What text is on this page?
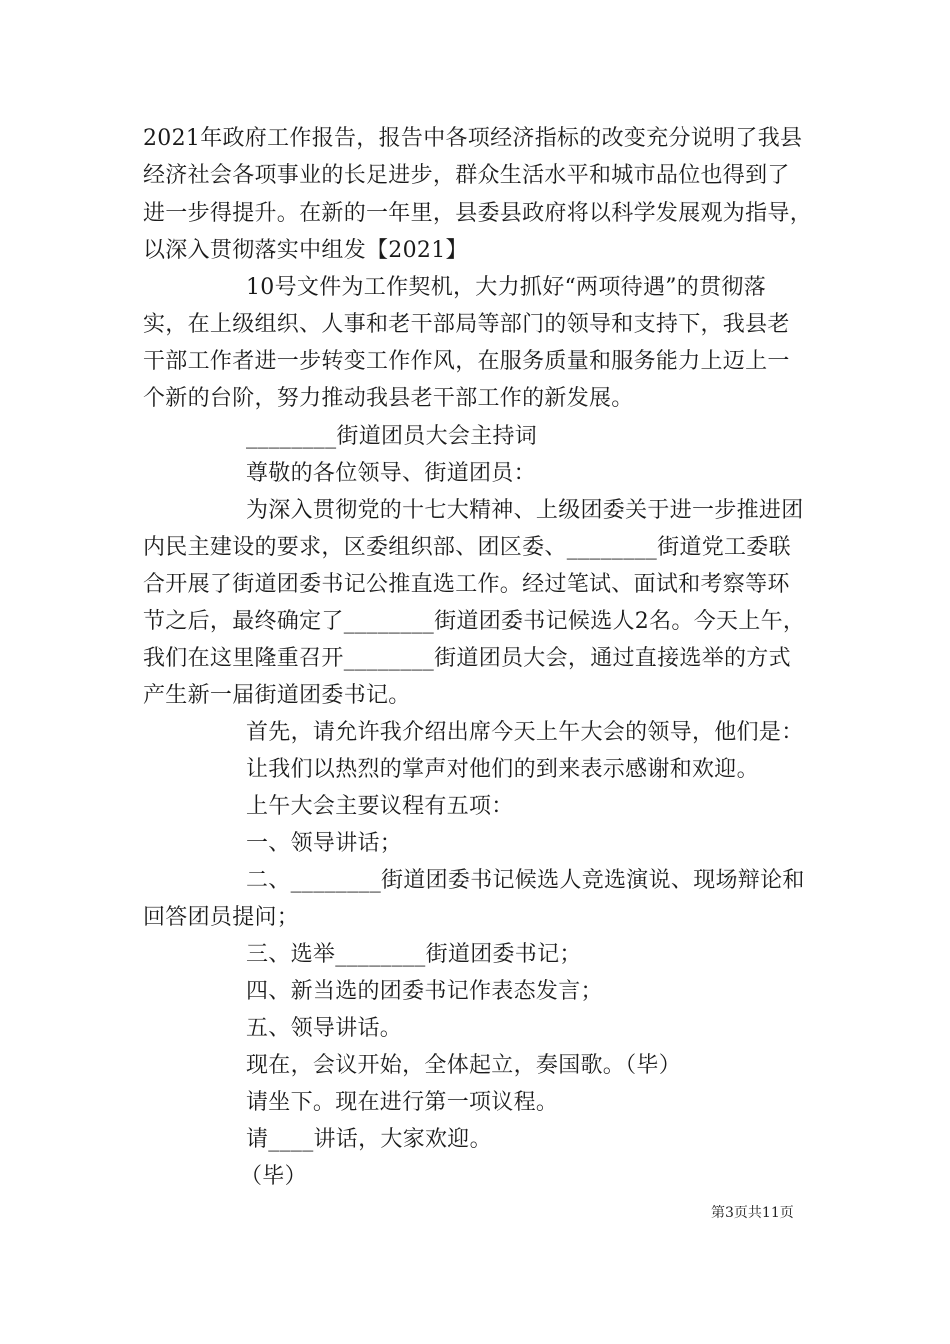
2021年政府工作报告，报告中各项经济指标的改变充分说明了我县
经济社会各项事业的长足进步，群众生活水平和城市品位也得到了
进一步得提升。在新的一年里，县委县政府将以科学发展观为指导，
以深入贯彻落实中组发【2021】
10号文件为工作契机，大力抓好“两项待遇”的贯彻落
实，在上级组织、人事和老干部局等部门的领导和支持下，我县老
干部工作者进一步转变工作作风，在服务质量和服务能力上迈上一
个新的台阶，努力推动我县老干部工作的新发展。
________街道团员大会主持词
尊敬的各位领导、街道团员：
为深入贯彻党的十七大精神、上级团委关于进一步推进团
内民主建设的要求，区委组织部、团区委、________街道党工委联
合开展了街道团委书记公推直选工作。经过笔试、面试和考察等环
节之后，最终确定了________街道团委书记候选人2名。今天上午，
我们在这里隆重召开________街道团员大会，通过直接选举的方式
产生新一届街道团委书记。
首先，请允许我介绍出席今天上午大会的领导，他们是：
让我们以热烈的掌声对他们的到来表示感谢和欢迎。
上午大会主要议程有五项：
一、领导讲话；
二、________街道团委书记候选人竞选演说、现场辩论和
回答团员提问；
三、选举________街道团委书记；
四、新当选的团委书记作表态发言；
五、领导讲话。
现在，会议开始，全体起立，奏国歌。（毕）
请坐下。现在进行第一项议程。
请____讲话，大家欢迎。
（毕）
第3页共11页
